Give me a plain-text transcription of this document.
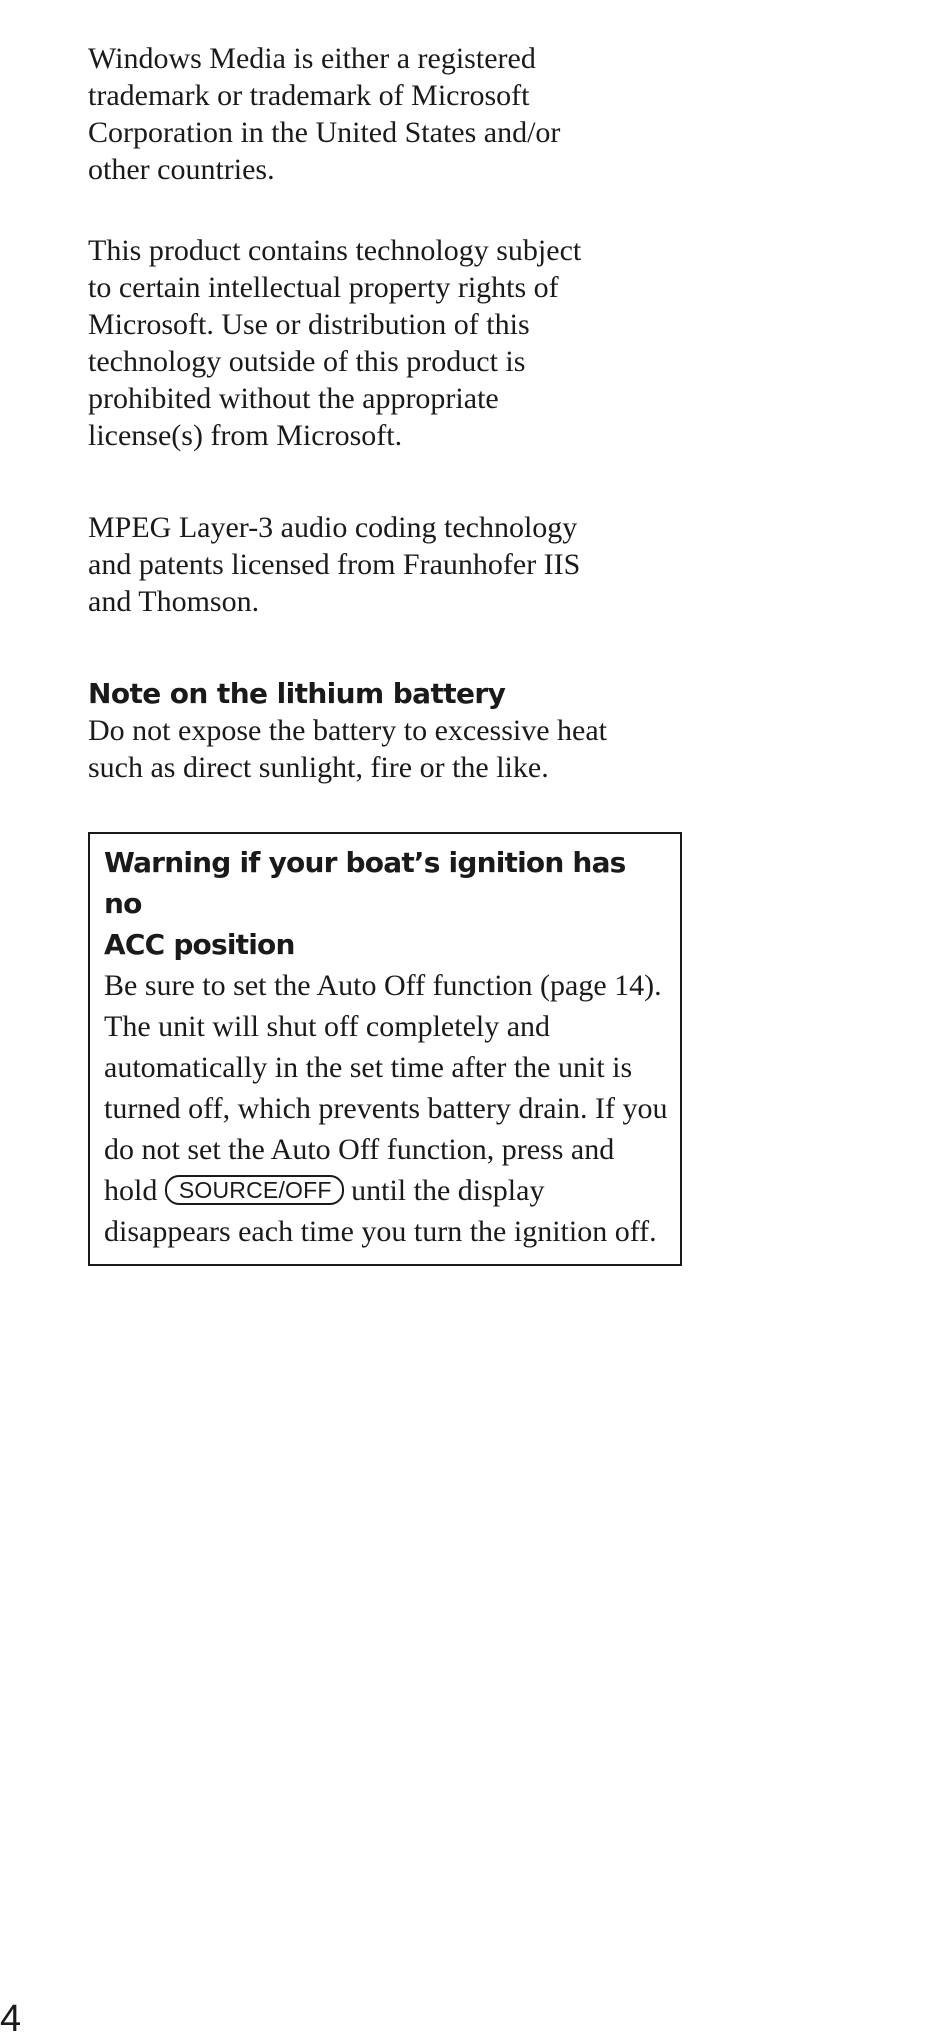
Windows Media is either a registered
trademark or trademark of Microsoft
Corporation in the United States and/or
other countries.

This product contains technology subject
to certain intellectual property rights of
Microsoft. Use or distribution of this
technology outside of this product is
prohibited without the appropriate
license(s) from Microsoft.

MPEG Layer-3 audio coding technology
and patents licensed from Fraunhofer IIS
and Thomson.

Note on the lithium battery

Do not expose the battery to excessive heat
such as direct sunlight, fire or the like.

Warning if your boat’s ignition has no
ACC position

Be sure to set the Auto Off function (page 14). The unit will shut off completely and automatically in the set time after the unit is turned off, which prevents battery drain. If you do not set the Auto Off function, press and hold SOURCE/OFF until the display disappears each time you turn the ignition off.

4
